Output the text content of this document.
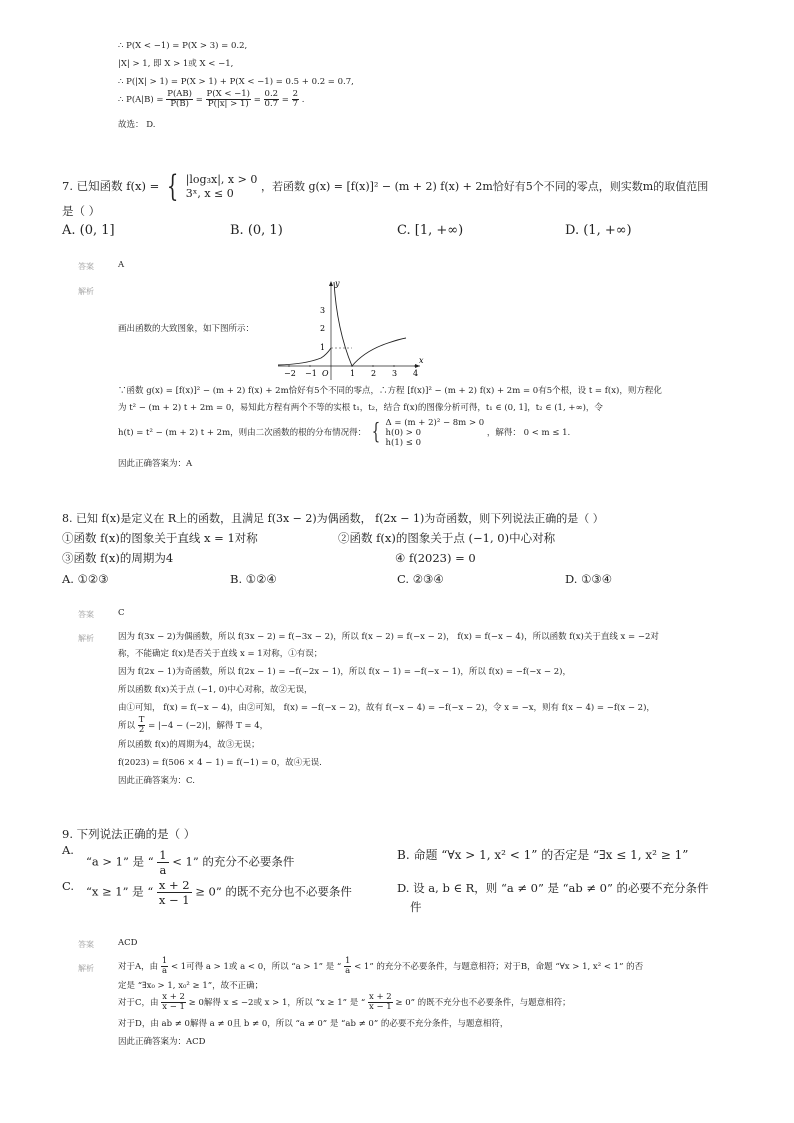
∴ P(X < −1) = P(X > 3) = 0.2,
|X| > 1, 即 X > 1或 X < −1,
∴ P(|X| > 1) = P(X > 1) + P(X < −1) = 0.5 + 0.2 = 0.7,
∴ $P(A|B) = \frac{P(AB)}{P(B)} = \frac{P(X < -1)}{P(|x| > 1)} = \frac{0.2}{0.7} = \frac{2}{7}$ .
故选： D.
7. 已知函数 f(x) = { |log₃x|, x > 0
3ˣ, x ≤ 0
，若函数 g(x) = [f(x)]² − (m + 2) f(x) + 2m恰好有5个不同的零点，则实数m的取值范围
是（ ）
A. (0, 1]	B. (0, 1)	C. [1, +∞)	D. (1, +∞)
答案	A
解析
画出函数的大致图象，如下图所示：
−2 −1 O	1 2 3 4
x
y
3
2
1
∵函数 g(x) = [f(x)]² − (m + 2) f(x) + 2m恰好有5个不同的零点，∴方程 [f(x)]² − (m + 2) f(x) + 2m = 0有5个根，设 t = f(x)，则方程化
为 t² − (m + 2) t + 2m = 0，易知此方程有两个不等的实根 t₁，t₂，结合 f(x)的图像分析可得，t₁ ∈ (0, 1]，t₂ ∈ (1, +∞)，令
h(t) = t² − (m + 2) t + 2m，则由二次函数的根的分布情况得： { Δ = (m + 2)² − 8m > 0
h(0) > 0
h(1) ≤ 0
，解得： 0 < m ≤ 1.
因此正确答案为：A
8. 已知 f(x)是定义在 R上的函数，且满足 f(3x − 2)为偶函数， f(2x − 1)为奇函数，则下列说法正确的是（ ）
①函数 f(x)的图象关于直线 x = 1对称	②函数 f(x)的图象关于点 (−1, 0)中心对称
③函数 f(x)的周期为4	④ f(2023) = 0
A. ①②③	B. ①②④	C. ②③④	D. ①③④
答案	C
解析	因为 f(3x − 2)为偶函数，所以 f(3x − 2) = f(−3x − 2)，所以 f(x − 2) = f(−x − 2)， f(x) = f(−x − 4)，所以函数 f(x)关于直线 x = −2对
称，不能确定 f(x)是否关于直线 x = 1对称，①有误；
因为 f(2x − 1)为奇函数，所以 f(2x − 1) = −f(−2x − 1)，所以 f(x − 1) = −f(−x − 1)，所以 f(x) = −f(−x − 2)，
所以函数 f(x)关于点 (−1, 0)中心对称，故②无误，
由①可知， f(x) = f(−x − 4)，由②可知， f(x) = −f(−x − 2)，故有 f(−x − 4) = −f(−x − 2)，令 x = −x，则有 f(x − 4) = −f(x − 2)，
所以 $\frac{T}{2} = |-4 - (-2)|$，解得 T = 4，
所以函数 f(x)的周期为4，故③无误；
f(2023) = f(506 × 4 − 1) = f(−1) = 0，故④无误.
因此正确答案为：C.
9. 下列说法正确的是（ ）
A.
“a > 1” 是 “ $\frac{1}{a} < 1$” 的充分不必要条件	B. 命题 “∀x > 1, x² < 1” 的否定是 “∃x ≤ 1, x² ≥ 1”
C. “x ≥ 1” 是 “ $\frac{x + 2}{x - 1} \ge 0$” 的既不充分也不必要条件	D. 设 a, b ∈ R，则 “a ≠ 0” 是 “ab ≠ 0” 的必要不充分条件
件
答案	ACD
解析	对于A，由 $\frac{1}{a} < 1$可得 a > 1或 a < 0，所以 “a > 1” 是 “ $\frac{1}{a} < 1$” 的充分不必要条件，与题意相符；对于B，命题 “∀x > 1, x² < 1” 的否
定是 “∃x₀ > 1, x₀² ≥ 1”，故不正确；
对于C，由 $\frac{x + 2}{x - 1} \ge 0$解得 x ≤ −2或 x > 1，所以 “x ≥ 1” 是 “ $\frac{x + 2}{x - 1} \ge 0$” 的既不充分也不必要条件，与题意相符；
对于D，由 ab ≠ 0解得 a ≠ 0且 b ≠ 0，所以 “a ≠ 0” 是 “ab ≠ 0” 的必要不充分条件，与题意相符，
因此正确答案为：ACD
